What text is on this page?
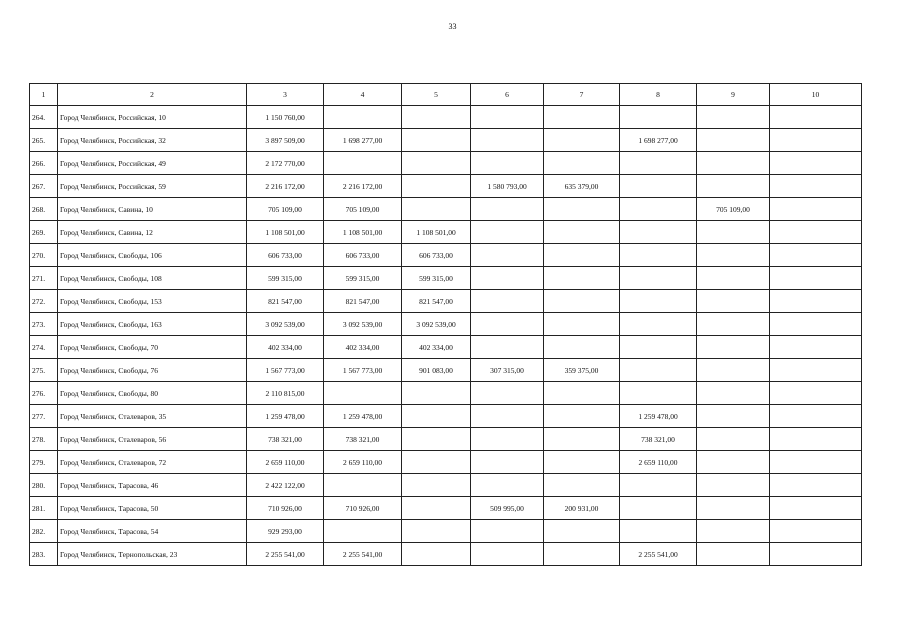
33
1	2	3	4	5	6	7	8	9	10
264.	Город Челябинск, Российская, 10	1 150 760,00							
265.	Город Челябинск, Российская, 32	3 897 509,00	1 698 277,00				1 698 277,00		
266.	Город Челябинск, Российская, 49	2 172 770,00							
267.	Город Челябинск, Российская, 59	2 216 172,00	2 216 172,00		1 580 793,00	635 379,00			
268.	Город Челябинск, Савина, 10	705 109,00	705 109,00					705 109,00	
269.	Город Челябинск, Савина, 12	1 108 501,00	1 108 501,00	1 108 501,00					
270.	Город Челябинск, Свободы, 106	606 733,00	606 733,00	606 733,00					
271.	Город Челябинск, Свободы, 108	599 315,00	599 315,00	599 315,00					
272.	Город Челябинск, Свободы, 153	821 547,00	821 547,00	821 547,00					
273.	Город Челябинск, Свободы, 163	3 092 539,00	3 092 539,00	3 092 539,00					
274.	Город Челябинск, Свободы, 70	402 334,00	402 334,00	402 334,00					
275.	Город Челябинск, Свободы, 76	1 567 773,00	1 567 773,00	901 083,00	307 315,00	359 375,00			
276.	Город Челябинск, Свободы, 80	2 110 815,00							
277.	Город Челябинск, Сталеваров, 35	1 259 478,00	1 259 478,00				1 259 478,00		
278.	Город Челябинск, Сталеваров, 56	738 321,00	738 321,00				738 321,00		
279.	Город Челябинск, Сталеваров, 72	2 659 110,00	2 659 110,00				2 659 110,00		
280.	Город Челябинск, Тарасова, 46	2 422 122,00							
281.	Город Челябинск, Тарасова, 50	710 926,00	710 926,00		509 995,00	200 931,00			
282.	Город Челябинск, Тарасова, 54	929 293,00							
283.	Город Челябинск, Тернопольская, 23	2 255 541,00	2 255 541,00				2 255 541,00		
